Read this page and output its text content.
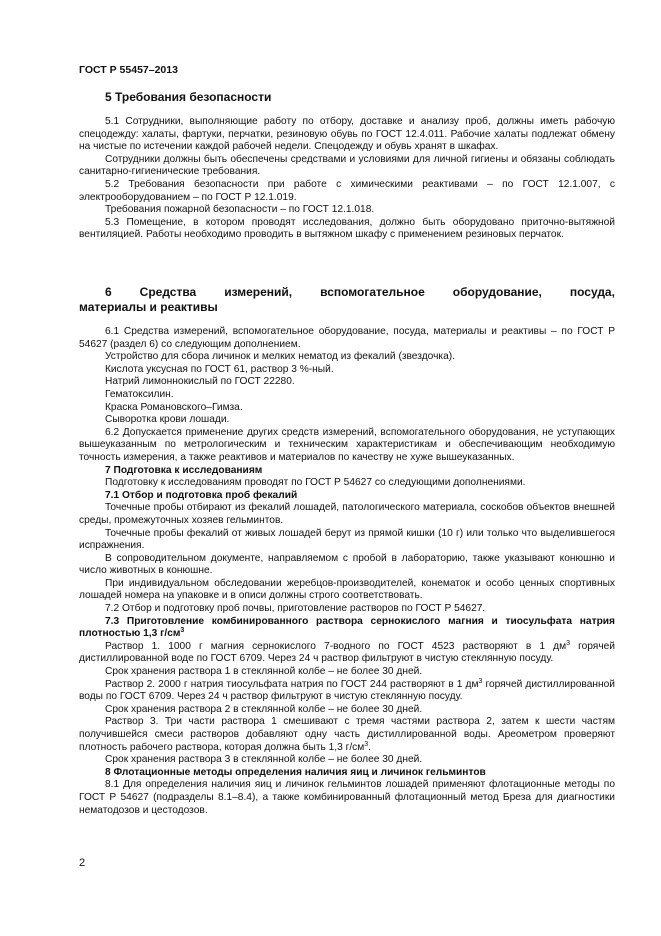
ГОСТ Р 55457–2013
5 Требования безопасности

5.1 Сотрудники, выполняющие работу по отбору, доставке и анализу проб, должны иметь рабочую спецодежду: халаты, фартуки, перчатки, резиновую обувь по ГОСТ 12.4.011. Рабочие халаты подлежат обмену на чистые по истечении каждой рабочей недели. Спецодежду и обувь хранят в шкафах.

Сотрудники должны быть обеспечены средствами и условиями для личной гигиены и обязаны соблюдать санитарно-гигиенические требования.

5.2 Требования безопасности при работе с химическими реактивами – по ГОСТ 12.1.007, с электрооборудованием – по ГОСТ Р 12.1.019.

Требования пожарной безопасности – по ГОСТ 12.1.018.

5.3 Помещение, в котором проводят исследования, должно быть оборудовано приточно-вытяжной вентиляцией. Работы необходимо проводить в вытяжном шкафу с применением резиновых перчаток.

6 Средства измерений, вспомогательное оборудование, посуда,
материалы и реактивы

6.1 Средства измерений, вспомогательное оборудование, посуда, материалы и реактивы – по ГОСТ Р 54627 (раздел 6) со следующим дополнением.

Устройство для сбора личинок и мелких нематод из фекалий (звездочка).

Кислота уксусная по ГОСТ 61, раствор 3 %-ный.

Натрий лимоннокислый по ГОСТ 22280.

Гематоксилин.

Краска Романовского–Гимза.

Сыворотка крови лошади.

6.2 Допускается применение других средств измерений, вспомогательного оборудования, не уступающих вышеуказанным по метрологическим и техническим характеристикам и обеспечивающим необходимую точность измерения, а также реактивов и материалов по качеству не хуже вышеуказанных.

7 Подготовка к исследованиям

Подготовку к исследованиям проводят по ГОСТ Р 54627 со следующими дополнениями.

7.1 Отбор и подготовка проб фекалий

Точечные пробы отбирают из фекалий лошадей, патологического материала, соскобов объектов внешней среды, промежуточных хозяев гельминтов.

Точечные пробы фекалий от живых лошадей берут из прямой кишки (10 г) или только что выделившегося испражнения.

В сопроводительном документе, направляемом с пробой в лабораторию, также указывают конюшню и число животных в конюшне.

При индивидуальном обследовании жеребцов-производителей, конематок и особо ценных спортивных лошадей номера на упаковке и в описи должны строго соответствовать.

7.2 Отбор и подготовку проб почвы, приготовление растворов по ГОСТ Р 54627.

7.3 Приготовление комбинированного раствора сернокислого магния и тиосульфата натрия плотностью 1,3 $г/см^3$

Раствор 1. 1000 г магния сернокислого 7-водного по ГОСТ 4523 растворяют в 1 $дм^3$ горячей дистиллированной воде по ГОСТ 6709. Через 24 ч раствор фильтруют в чистую стеклянную посуду.

Срок хранения раствора 1 в стеклянной колбе – не более 30 дней.

Раствор 2. 2000 г натрия тиосульфата натрия по ГОСТ 244 растворяют в 1 $дм^3$ горячей дистиллированной воды по ГОСТ 6709. Через 24 ч раствор фильтруют в чистую стеклянную посуду.

Срок хранения раствора 2 в стеклянной колбе – не более 30 дней.

Раствор 3. Три части раствора 1 смешивают с тремя частями раствора 2, затем к шести частям получившейся смеси растворов добавляют одну часть дистиллированной воды. Ареометром проверяют плотность рабочего раствора, которая должна быть 1,3 $г/см^3$.

Срок хранения раствора 3 в стеклянной колбе – не более 30 дней.

8 Флотационные методы определения наличия яиц и личинок гельминтов

8.1 Для определения наличия яиц и личинок гельминтов лошадей применяют флотационные методы по ГОСТ Р 54627 (подразделы 8.1–8.4), а также комбинированный флотационный метод Бреза для диагностики нематодозов и цестодозов.

2
